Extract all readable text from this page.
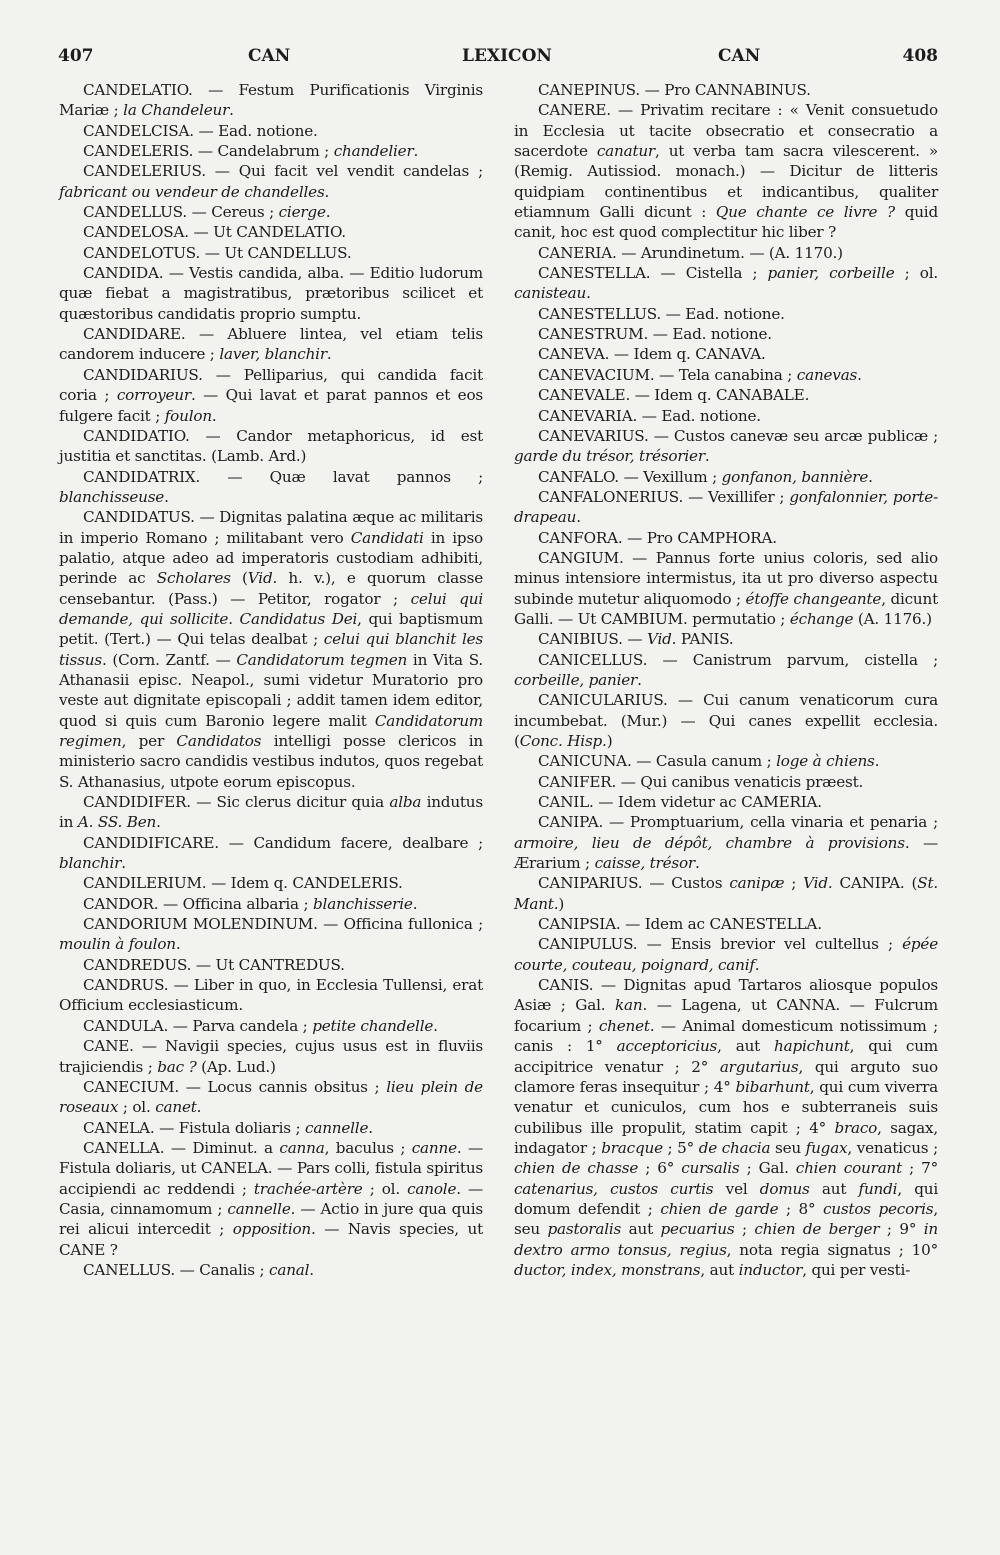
407	CAN	LEXICON	CAN	408

CANDELATIO. — Festum Purificationis Virginis Mariæ ; la Chandeleur.

CANDELCISA. — Ead. notione.

CANDELERIS. — Candelabrum ; chandelier.

CANDELERIUS. — Qui facit vel vendit candelas ; fabricant ou vendeur de chandelles.

CANDELLUS. — Cereus ; cierge.

CANDELOSA. — Ut CANDELATIO.

CANDELOTUS. — Ut CANDELLUS.

CANDIDA. — Vestis candida, alba. — Editio ludorum quæ fiebat a magistratibus, prætoribus scilicet et quæstoribus candidatis proprio sumptu.

CANDIDARE. — Abluere lintea, vel etiam telis candorem inducere ; laver, blanchir.

CANDIDARIUS. — Pelliparius, qui candida facit coria ; corroyeur. — Qui lavat et parat pannos et eos fulgere facit ; foulon.

CANDIDATIO. — Candor metaphoricus, id est justitia et sanctitas. (Lamb. Ard.)

CANDIDATRIX. — Quæ lavat pannos ; blanchisseuse.

CANDIDATUS. — Dignitas palatina æque ac militaris in imperio Romano ; militabant vero Candidati in ipso palatio, atque adeo ad imperatoris custodiam adhibiti, perinde ac Scholares (Vid. h. v.), e quorum classe censebantur. (Pass.) — Petitor, rogator ; celui qui demande, qui sollicite. Candidatus Dei, qui baptismum petit. (Tert.) — Qui telas dealbat ; celui qui blanchit les tissus. (Corn. Zantf. — Candidatorum tegmen in Vita S. Athanasii episc. Neapol., sumi videtur Muratorio pro veste aut dignitate episcopali ; addit tamen idem editor, quod si quis cum Baronio legere malit Candidatorum regimen, per Candidatos intelligi posse clericos in ministerio sacro candidis vestibus indutos, quos regebat S. Athanasius, utpote eorum episcopus.

CANDIDIFER. — Sic clerus dicitur quia alba indutus in A. SS. Ben.

CANDIDIFICARE. — Candidum facere, dealbare ; blanchir.

CANDILERIUM. — Idem q. CANDELERIS.

CANDOR. — Officina albaria ; blanchisserie.

CANDORIUM MOLENDINUM. — Officina fullonica ; moulin à foulon.

CANDREDUS. — Ut CANTREDUS.

CANDRUS. — Liber in quo, in Ecclesia Tullensi, erat Officium ecclesiasticum.

CANDULA. — Parva candela ; petite chandelle.

CANE. — Navigii species, cujus usus est in fluviis trajiciendis ; bac ? (Ap. Lud.)

CANECIUM. — Locus cannis obsitus ; lieu plein de roseaux ; ol. canet.

CANELA. — Fistula doliaris ; cannelle.

CANELLA. — Diminut. a canna, baculus ; canne. — Fistula doliaris, ut CANELA. — Pars colli, fistula spiritus accipiendi ac reddendi ; trachée-artère ; ol. canole. — Casia, cinnamomum ; cannelle. — Actio in jure qua quis rei alicui intercedit ; opposition. — Navis species, ut CANE ?

CANELLUS. — Canalis ; canal.

CANEPINUS. — Pro CANNABINUS.

CANERE. — Privatim recitare : « Venit consuetudo in Ecclesia ut tacite obsecratio et consecratio a sacerdote canatur, ut verba tam sacra vilescerent. » (Remig. Autissiod. monach.) — Dicitur de litteris quidpiam continentibus et indicantibus, qualiter etiamnum Galli dicunt : Que chante ce livre ? quid canit, hoc est quod complectitur hic liber ?

CANERIA. — Arundinetum. — (A. 1170.)

CANESTELLA. — Cistella ; panier, corbeille ; ol. canisteau.

CANESTELLUS. — Ead. notione.

CANESTRUM. — Ead. notione.

CANEVA. — Idem q. CANAVA.

CANEVACIUM. — Tela canabina ; canevas.

CANEVALE. — Idem q. CANABALE.

CANEVARIA. — Ead. notione.

CANEVARIUS. — Custos canevæ seu arcæ publicæ ; garde du trésor, trésorier.

CANFALO. — Vexillum ; gonfanon, bannière.

CANFALONERIUS. — Vexillifer ; gonfalonnier, porte-drapeau.

CANFORA. — Pro CAMPHORA.

CANGIUM. — Pannus forte unius coloris, sed alio minus intensiore intermistus, ita ut pro diverso aspectu subinde mutetur aliquomodo ; étoffe changeante, dicunt Galli. — Ut CAMBIUM. permutatio ; échange (A. 1176.)

CANIBIUS. — Vid. PANIS.

CANICELLUS. — Canistrum parvum, cistella ; corbeille, panier.

CANICULARIUS. — Cui canum venaticorum cura incumbebat. (Mur.) — Qui canes expellit ecclesia. (Conc. Hisp.)

CANICUNA. — Casula canum ; loge à chiens.

CANIFER. — Qui canibus venaticis præest.

CANIL. — Idem videtur ac CAMERIA.

CANIPA. — Promptuarium, cella vinaria et penaria ; armoire, lieu de dépôt, chambre à provisions. — Ærarium ; caisse, trésor.

CANIPARIUS. — Custos canipæ ; Vid. CANIPA. (St. Mant.)

CANIPSIA. — Idem ac CANESTELLA.

CANIPULUS. — Ensis brevior vel cultellus ; épée courte, couteau, poignard, canif.

CANIS. — Dignitas apud Tartaros aliosque populos Asiæ ; Gal. kan. — Lagena, ut CANNA. — Fulcrum focarium ; chenet. — Animal domesticum notissimum ; canis : 1° acceptoricius, aut hapichunt, qui cum accipitrice venatur ; 2° argutarius, qui arguto suo clamore feras insequitur ; 4° bibarhunt, qui cum viverra venatur et cuniculos, cum hos e subterraneis suis cubilibus ille propulit, statim capit ; 4° braco, sagax, indagator ; bracque ; 5° de chacia seu fugax, venaticus ; chien de chasse ; 6° cursalis ; Gal. chien courant ; 7° catenarius, custos curtis vel domus aut fundi, qui domum defendit ; chien de garde ; 8° custos pecoris, seu pastoralis aut pecuarius ; chien de berger ; 9° in dextro armo tonsus, regius, nota regia signatus ; 10° ductor, index, monstrans, aut inductor, qui per vesti-
